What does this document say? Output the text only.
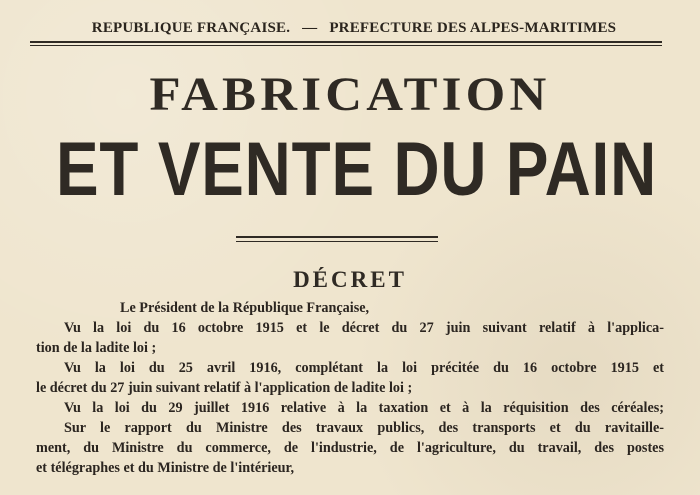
REPUBLIQUE FRANÇAISE. — PREFECTURE DES ALPES-MARITIMES
FABRICATION
ET VENTE DU PAIN
DÉCRET
Le Président de la République Française,
Vu la loi du 16 octobre 1915 et le décret du 27 juin suivant relatif à l'applica-
tion de la ladite loi ;
Vu la loi du 25 avril 1916, complétant la loi précitée du 16 octobre 1915 et
le décret du 27 juin suivant relatif à l'application de ladite loi ;
Vu la loi du 29 juillet 1916 relative à la taxation et à la réquisition des céréales;
Sur le rapport du Ministre des travaux publics, des transports et du ravitaille-
ment, du Ministre du commerce, de l'industrie, de l'agriculture, du travail, des postes
et télégraphes et du Ministre de l'intérieur,
